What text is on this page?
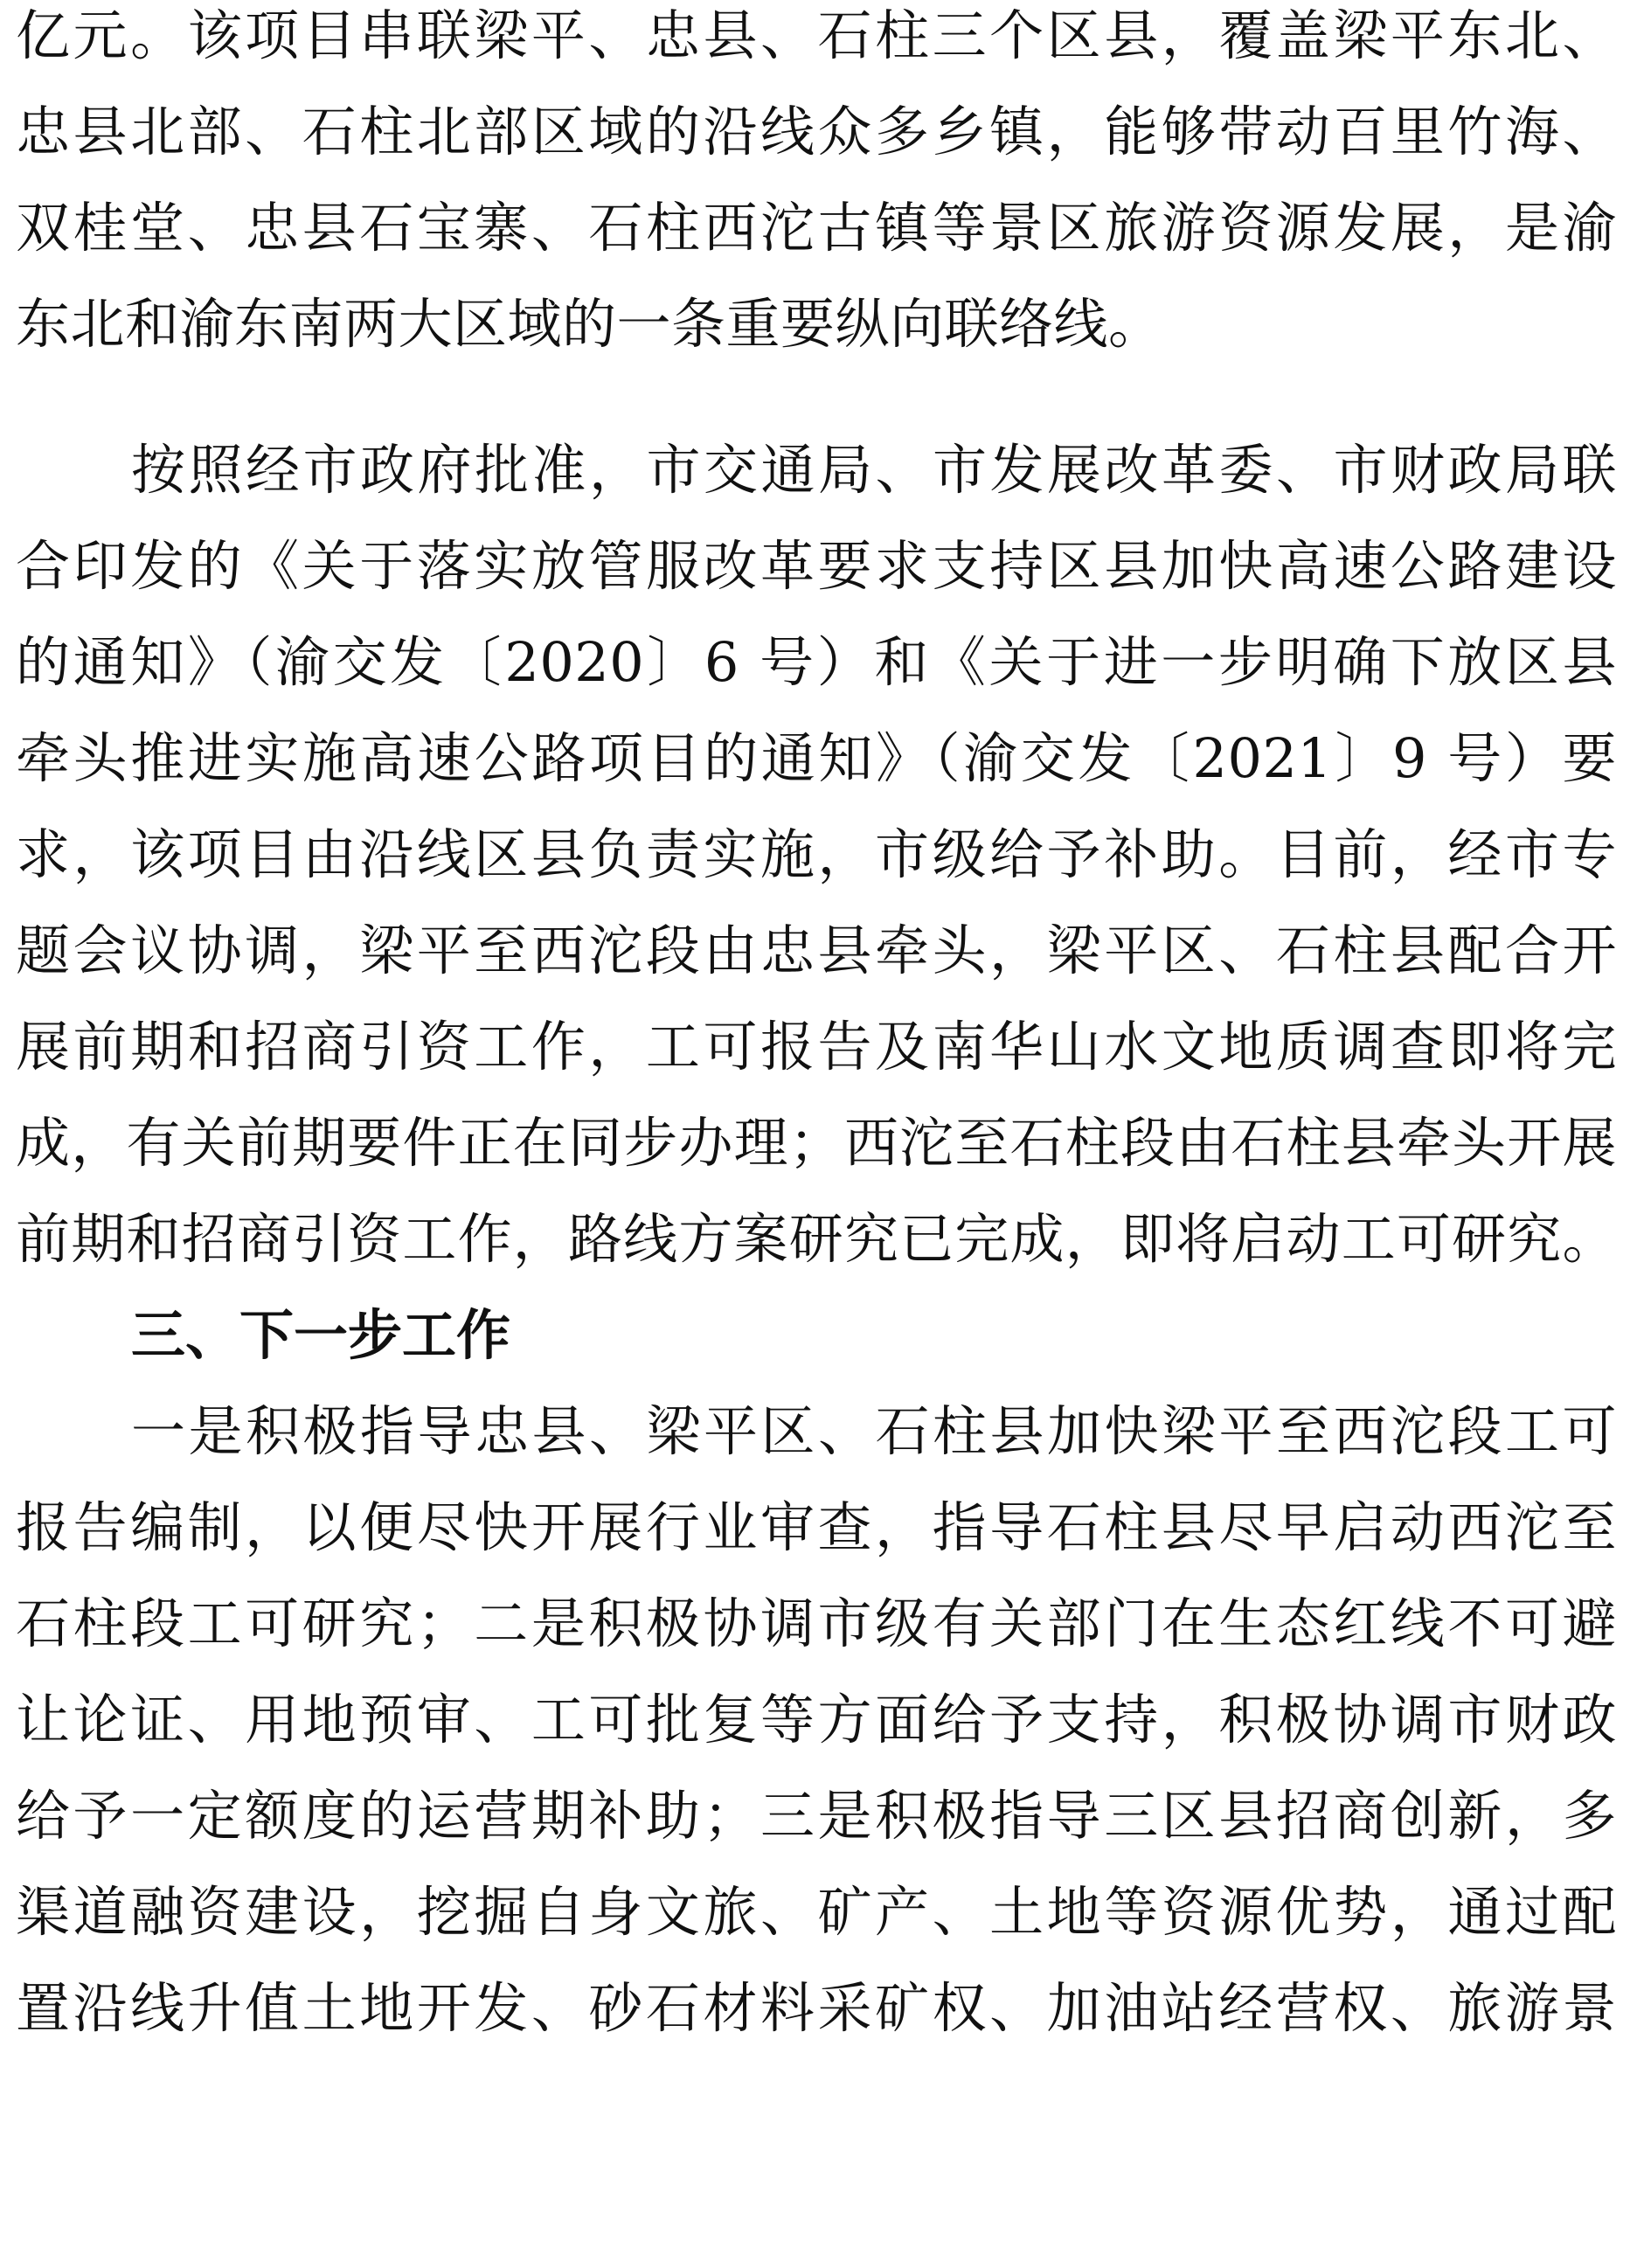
亿元。该项目串联梁平、忠县、石柱三个区县，覆盖梁平东北、
忠县北部、石柱北部区域的沿线众多乡镇，能够带动百里竹海、
双桂堂、忠县石宝寨、石柱西沱古镇等景区旅游资源发展，是渝
东北和渝东南两大区域的一条重要纵向联络线。
按照经市政府批准，市交通局、市发展改革委、市财政局联
合印发的《关于落实放管服改革要求支持区县加快高速公路建设
的通知》（渝交发〔2020〕6 号）和《关于进一步明确下放区县
牵头推进实施高速公路项目的通知》（渝交发〔2021〕9 号）要
求，该项目由沿线区县负责实施，市级给予补助。目前，经市专
题会议协调，梁平至西沱段由忠县牵头，梁平区、石柱县配合开
展前期和招商引资工作，工可报告及南华山水文地质调查即将完
成，有关前期要件正在同步办理；西沱至石柱段由石柱县牵头开展
前期和招商引资工作，路线方案研究已完成，即将启动工可研究。
三、下一步工作
一是积极指导忠县、梁平区、石柱县加快梁平至西沱段工可
报告编制，以便尽快开展行业审查，指导石柱县尽早启动西沱至
石柱段工可研究；二是积极协调市级有关部门在生态红线不可避
让论证、用地预审、工可批复等方面给予支持，积极协调市财政
给予一定额度的运营期补助；三是积极指导三区县招商创新，多
渠道融资建设，挖掘自身文旅、矿产、土地等资源优势，通过配
置沿线升值土地开发、砂石材料采矿权、加油站经营权、旅游景
